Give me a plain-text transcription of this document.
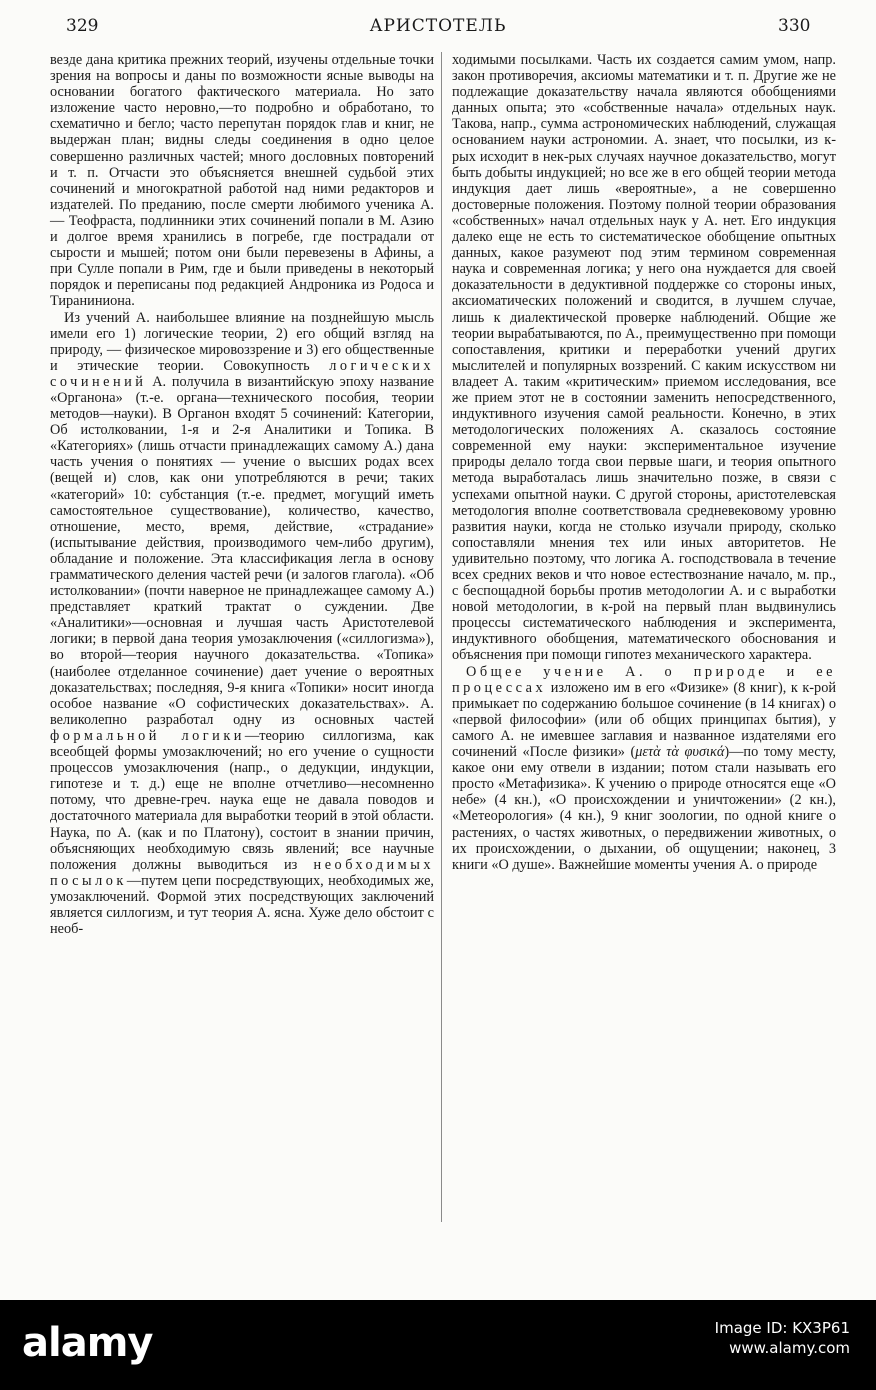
329	АРИСТОТЕЛЬ	330

везде дана критика прежних теорий, изучены отдельные точки зрения на вопросы и даны по возможности ясные выводы на основании богатого фактического материала. Но зато изложение часто неровно,—то подробно и обработано, то схематично и бегло; часто перепутан порядок глав и книг, не выдержан план; видны следы соединения в одно целое совершенно различных частей; много дословных повторений и т. п. Отчасти это объясняется внешней судьбой этих сочинений и многократной работой над ними редакторов и издателей. По преданию, после смерти любимого ученика А.— Теофраста, подлинники этих сочинений попали в М. Азию и долгое время хранились в погребе, где пострадали от сырости и мышей; потом они были перевезены в Афины, а при Сулле попали в Рим, где и были приведены в некоторый порядок и переписаны под редакцией Андроника из Родоса и Тираниниона.

Из учений А. наибольшее влияние на позднейшую мысль имели его 1) логические теории, 2) его общий взгляд на природу, — физическое мировоззрение и 3) его общественные и этические теории. Совокупность логических сочинений А. получила в византийскую эпоху название «Органона» (т.-е. органа—технического пособия, теории методов—науки). В Органон входят 5 сочинений: Категории, Об истолковании, 1-я и 2-я Аналитики и Топика. В «Категориях» (лишь отчасти принадлежащих самому А.) дана часть учения о понятиях — учение о высших родах всех (вещей и) слов, как они употребляются в речи; таких «категорий» 10: субстанция (т.-е. предмет, могущий иметь самостоятельное существование), количество, качество, отношение, место, время, действие, «страдание» (испытывание действия, производимого чем-либо другим), обладание и положение. Эта классификация легла в основу грамматического деления частей речи (и залогов глагола). «Об истолковании» (почти наверное не принадлежащее самому А.) представляет краткий трактат о суждении. Две «Аналитики»—основная и лучшая часть Аристотелевой логики; в первой дана теория умозаключения («силлогизма»), во второй—теория научного доказательства. «Топика» (наиболее отделанное сочинение) дает учение о вероятных доказательствах; последняя, 9-я книга «Топики» носит иногда особое название «О софистических доказательствах». А. великолепно разработал одну из основных частей формальной логики—теорию силлогизма, как всеобщей формы умозаключений; но его учение о сущности процессов умозаключения (напр., о дедукции, индукции, гипотезе и т. д.) еще не вполне отчетливо—несомненно потому, что древне-греч. наука еще не давала поводов и достаточного материала для выработки теорий в этой области. Наука, по А. (как и по Платону), состоит в знании причин, объясняющих необходимую связь явлений; все научные положения должны выводиться из необходимых посылок—путем цепи посредствующих, необходимых же, умозаключений. Формой этих посредствующих заключений является силлогизм, и тут теория А. ясна. Хуже дело обстоит с необ-

ходимыми посылками. Часть их создается самим умом, напр. закон противоречия, аксиомы математики и т. п. Другие же не подлежащие доказательству начала являются обобщениями данных опыта; это «собственные начала» отдельных наук. Такова, напр., сумма астрономических наблюдений, служащая основанием науки астрономии. А. знает, что посылки, из к-рых исходит в нек-рых случаях научное доказательство, могут быть добыты индукцией; но все же в его общей теории метода индукция дает лишь «вероятные», а не совершенно достоверные положения. Поэтому полной теории образования «собственных» начал отдельных наук у А. нет. Его индукция далеко еще не есть то систематическое обобщение опытных данных, какое разумеют под этим термином современная наука и современная логика; у него она нуждается для своей доказательности в дедуктивной поддержке со стороны иных, аксиоматических положений и сводится, в лучшем случае, лишь к диалектической проверке наблюдений. Общие же теории вырабатываются, по А., преимущественно при помощи сопоставления, критики и переработки учений других мыслителей и популярных воззрений. С каким искусством ни владеет А. таким «критическим» приемом исследования, все же прием этот не в состоянии заменить непосредственного, индуктивного изучения самой реальности. Конечно, в этих методологических положениях А. сказалось состояние современной ему науки: экспериментальное изучение природы делало тогда свои первые шаги, и теория опытного метода выработалась лишь значительно позже, в связи с успехами опытной науки. С другой стороны, аристотелевская методология вполне соответствовала средневековому уровню развития науки, когда не столько изучали природу, сколько сопоставляли мнения тех или иных авторитетов. Не удивительно поэтому, что логика А. господствовала в течение всех средних веков и что новое естествознание начало, м. пр., с беспощадной борьбы против методологии А. и с выработки новой методологии, в к-рой на первый план выдвинулись процессы систематического наблюдения и эксперимента, индуктивного обобщения, математического обоснования и объяснения при помощи гипотез механического характера.

Общее учение А. о природе и ее процессах изложено им в его «Физике» (8 книг), к к-рой примыкает по содержанию большое сочинение (в 14 книгах) о «первой философии» (или об общих принципах бытия), у самого А. не имевшее заглавия и названное издателями его сочинений «После физики» (μετὰ τὰ φυσικά)—по тому месту, какое они ему отвели в издании; потом стали называть его просто «Метафизика». К учению о природе относятся еще «О небе» (4 кн.), «О происхождении и уничтожении» (2 кн.), «Метеорология» (4 кн.), 9 книг зоологии, по одной книге о растениях, о частях животных, о передвижении животных, о их происхождении, о дыхании, об ощущении; наконец, 3 книги «О душе». Важнейшие моменты учения А. о природе

alamy	Image ID: KX3P61
www.alamy.com
